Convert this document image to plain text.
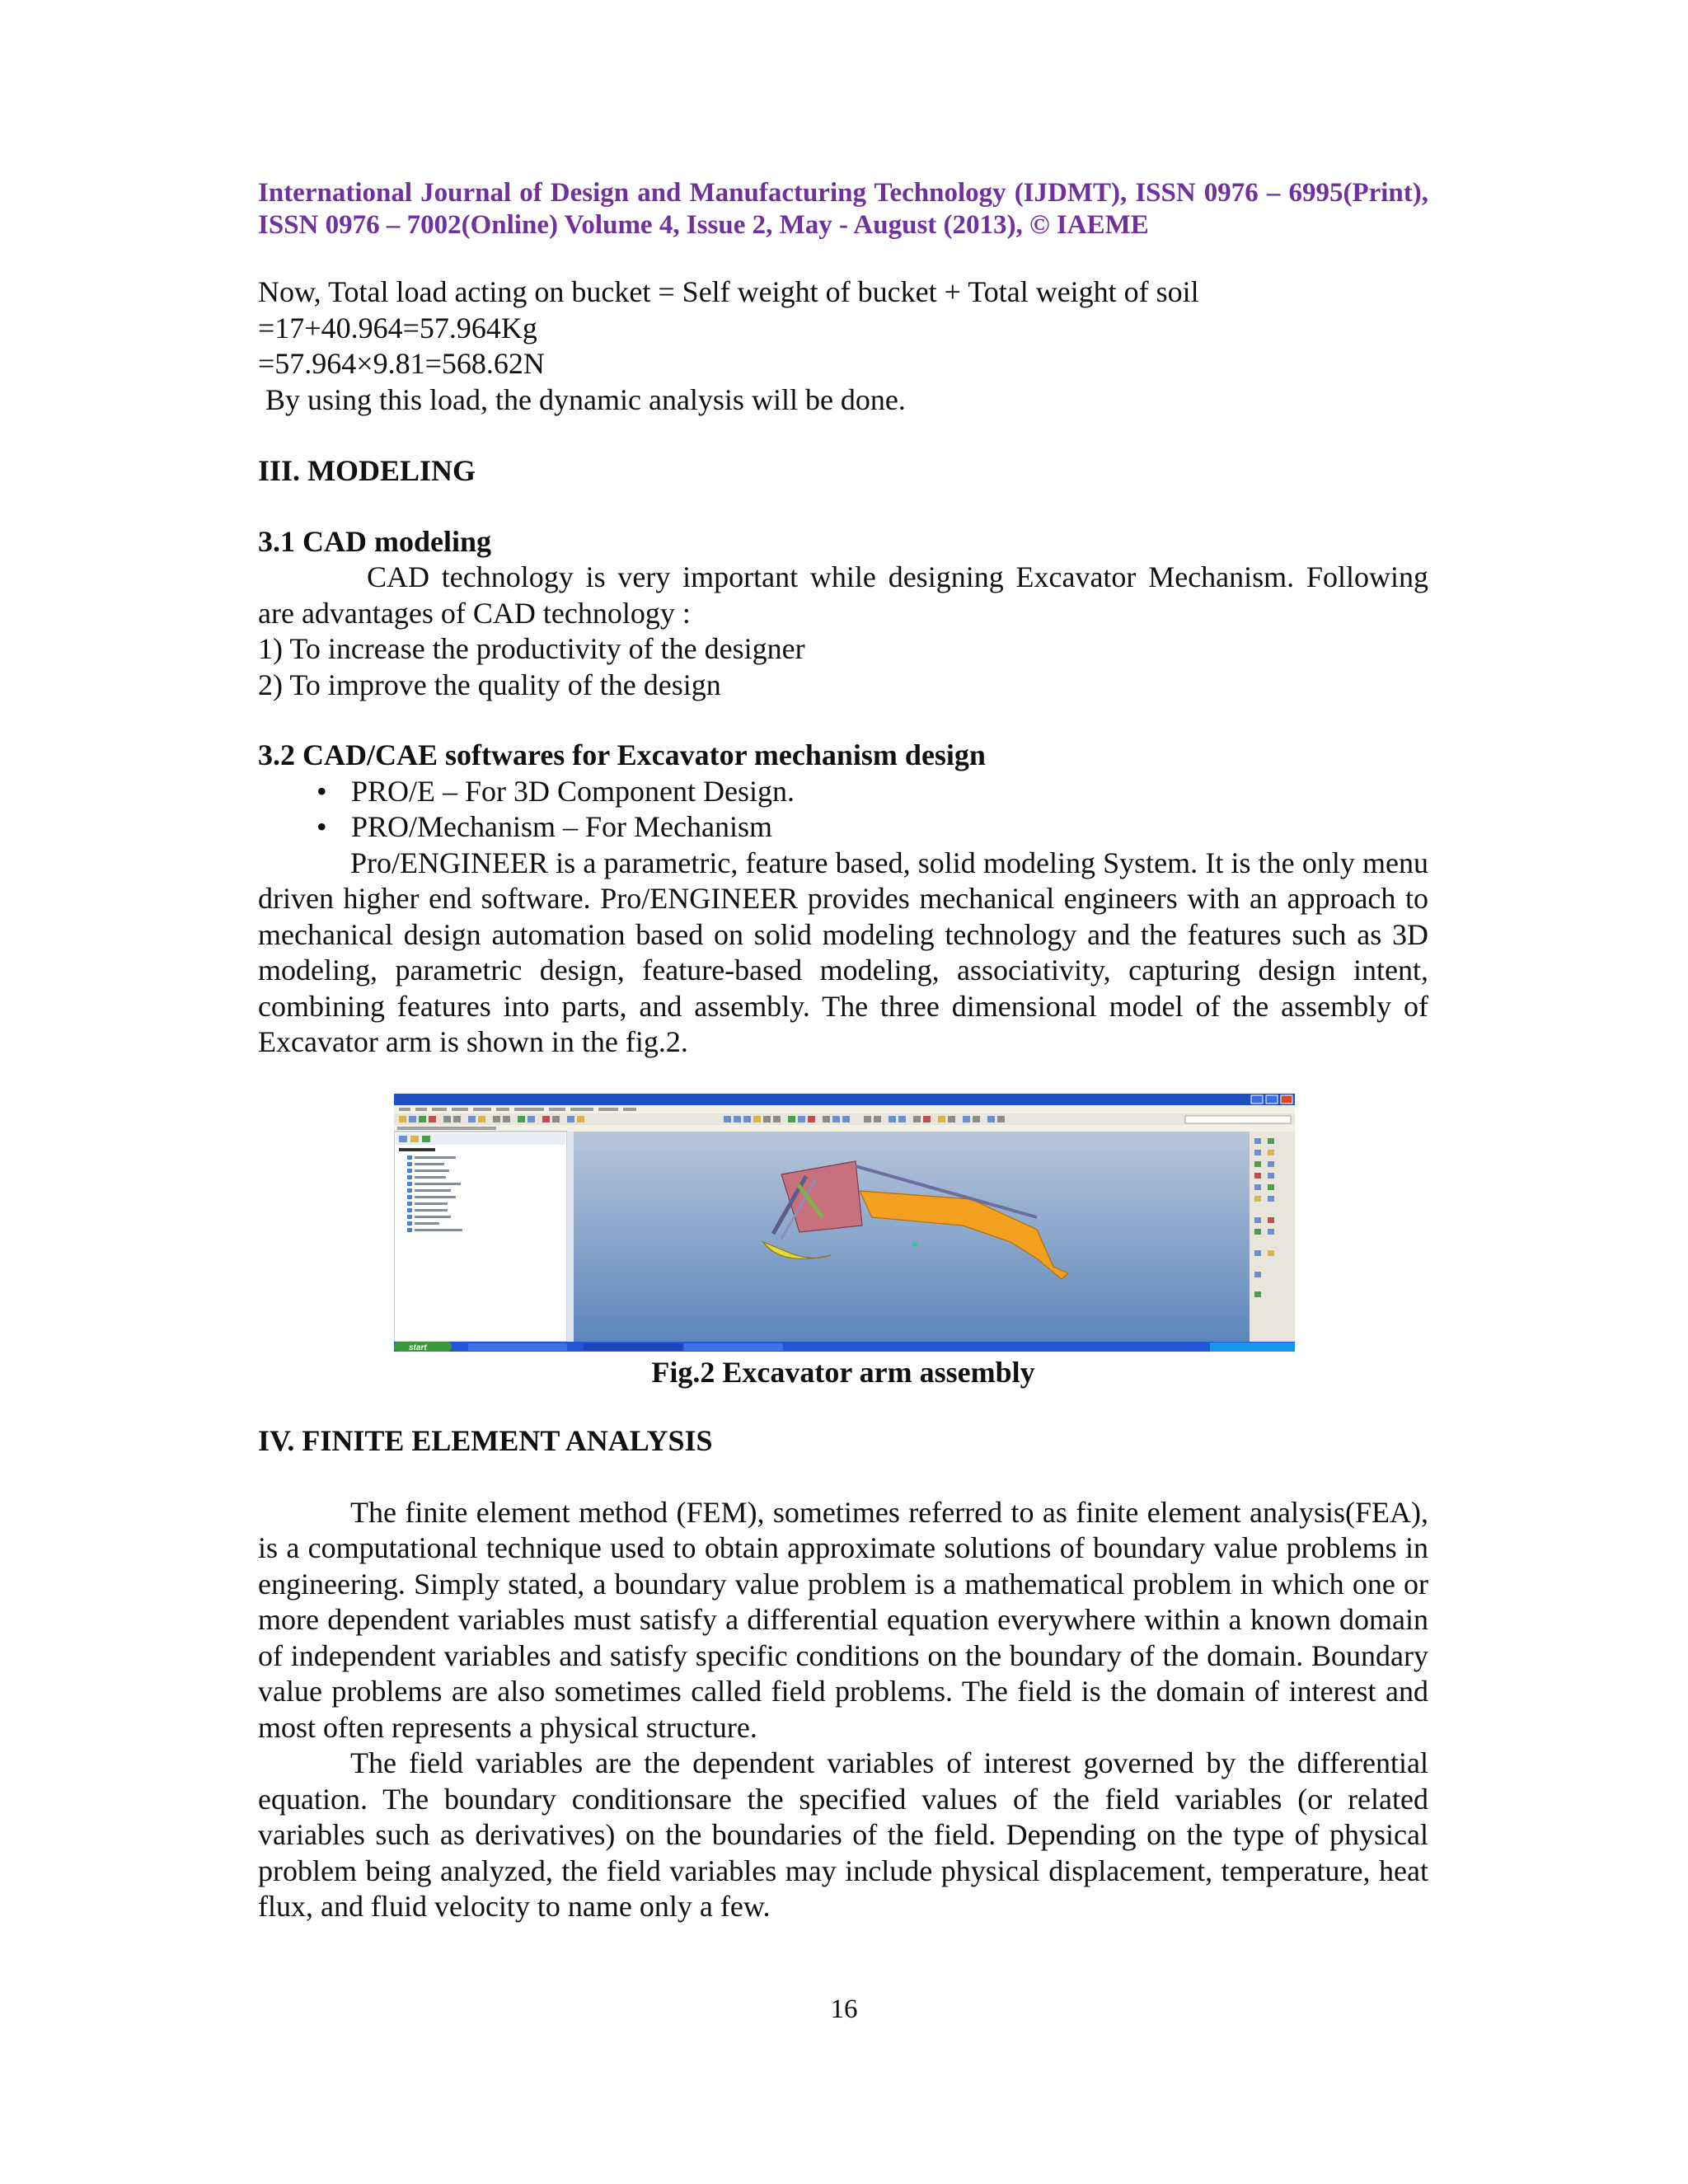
International Journal of Design and Manufacturing Technology (IJDMT), ISSN 0976 – 6995(Print), ISSN 0976 – 7002(Online) Volume 4, Issue 2, May - August (2013), © IAEME

Now, Total load acting on bucket = Self weight of bucket + Total weight of soil

=17+40.964=57.964Kg

=57.964×9.81=568.62N

By using this load, the dynamic analysis will be done.

III. MODELING
3.1 CAD modeling

CAD technology is very important while designing Excavator Mechanism. Following are advantages of CAD technology :

1) To increase the productivity of the designer

2) To improve the quality of the design

3.2 CAD/CAE softwares for Excavator mechanism design
• PRO/E – For 3D Component Design.
• PRO/Mechanism – For Mechanism

Pro/ENGINEER is a parametric, feature based, solid modeling System. It is the only menu driven higher end software. Pro/ENGINEER provides mechanical engineers with an approach to mechanical design automation based on solid modeling technology and the features such as 3D modeling, parametric design, feature-based modeling, associativity, capturing design intent, combining features into parts, and assembly. The three dimensional model of the assembly of Excavator arm is shown in the fig.2.

start
Fig.2 Excavator arm assembly
IV. FINITE ELEMENT ANALYSIS

The finite element method (FEM), sometimes referred to as finite element analysis(FEA), is a computational technique used to obtain approximate solutions of boundary value problems in engineering. Simply stated, a boundary value problem is a mathematical problem in which one or more dependent variables must satisfy a differential equation everywhere within a known domain of independent variables and satisfy specific conditions on the boundary of the domain. Boundary value problems are also sometimes called field problems. The field is the domain of interest and most often represents a physical structure.

The field variables are the dependent variables of interest governed by the differential equation. The boundary conditionsare the specified values of the field variables (or related variables such as derivatives) on the boundaries of the field. Depending on the type of physical problem being analyzed, the field variables may include physical displacement, temperature, heat flux, and fluid velocity to name only a few.

16
